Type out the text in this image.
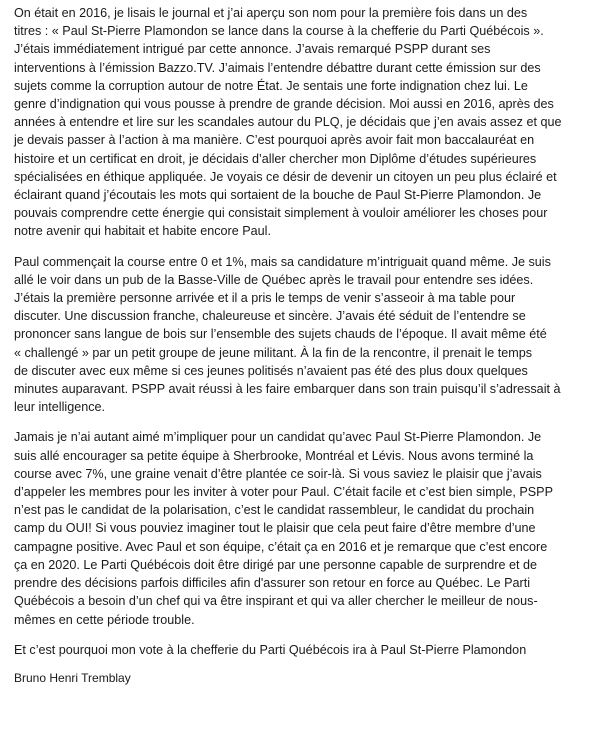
On était en 2016, je lisais le journal et j’ai aperçu son nom pour la première fois dans un des
titres : « Paul St-Pierre Plamondon se lance dans la course à la chefferie du Parti Québécois ».
J’étais immédiatement intrigué par cette annonce. J’avais remarqué PSPP durant ses
interventions à l’émission Bazzo.TV. J’aimais l’entendre débattre durant cette émission sur des
sujets comme la corruption autour de notre État. Je sentais une forte indignation chez lui. Le
genre d’indignation qui vous pousse à prendre de grande décision. Moi aussi en 2016, après des
années à entendre et lire sur les scandales autour du PLQ, je décidais que j’en avais assez et que
je devais passer à l’action à ma manière. C’est pourquoi après avoir fait mon baccalauréat en
histoire et un certificat en droit, je décidais d’aller chercher mon Diplôme d’études supérieures
spécialisées en éthique appliquée. Je voyais ce désir de devenir un citoyen un peu plus éclairé et
éclairant quand j’écoutais les mots qui sortaient de la bouche de Paul St-Pierre Plamondon. Je
pouvais comprendre cette énergie qui consistait simplement à vouloir améliorer les choses pour
notre avenir qui habitait et habite encore Paul.

Paul commençait la course entre 0 et 1%, mais sa candidature m’intriguait quand même. Je suis
allé le voir dans un pub de la Basse-Ville de Québec après le travail pour entendre ses idées.
J’étais la première personne arrivée et il a pris le temps de venir s’asseoir à ma table pour
discuter. Une discussion franche, chaleureuse et sincère. J’avais été séduit de l’entendre se
prononcer sans langue de bois sur l’ensemble des sujets chauds de l’époque. Il avait même été
« challengé » par un petit groupe de jeune militant. À la fin de la rencontre, il prenait le temps
de discuter avec eux même si ces jeunes politisés n’avaient pas été des plus doux quelques
minutes auparavant. PSPP avait réussi à les faire embarquer dans son train puisqu’il s’adressait à
leur intelligence.

Jamais je n’ai autant aimé m’impliquer pour un candidat qu’avec Paul St-Pierre Plamondon. Je
suis allé encourager sa petite équipe à Sherbrooke, Montréal et Lévis. Nous avons terminé la
course avec 7%, une graine venait d’être plantée ce soir-là. Si vous saviez le plaisir que j’avais
d’appeler les membres pour les inviter à voter pour Paul. C’était facile et c’est bien simple, PSPP
n’est pas le candidat de la polarisation, c’est le candidat rassembleur, le candidat du prochain
camp du OUI! Si vous pouviez imaginer tout le plaisir que cela peut faire d’être membre d’une
campagne positive. Avec Paul et son équipe, c’était ça en 2016 et je remarque que c’est encore
ça en 2020. Le Parti Québécois doit être dirigé par une personne capable de surprendre et de
prendre des décisions parfois difficiles afin d'assurer son retour en force au Québec. Le Parti
Québécois a besoin d’un chef qui va être inspirant et qui va aller chercher le meilleur de nous-
mêmes en cette période trouble.

Et c’est pourquoi mon vote à la chefferie du Parti Québécois ira à Paul St-Pierre Plamondon

Bruno Henri Tremblay
